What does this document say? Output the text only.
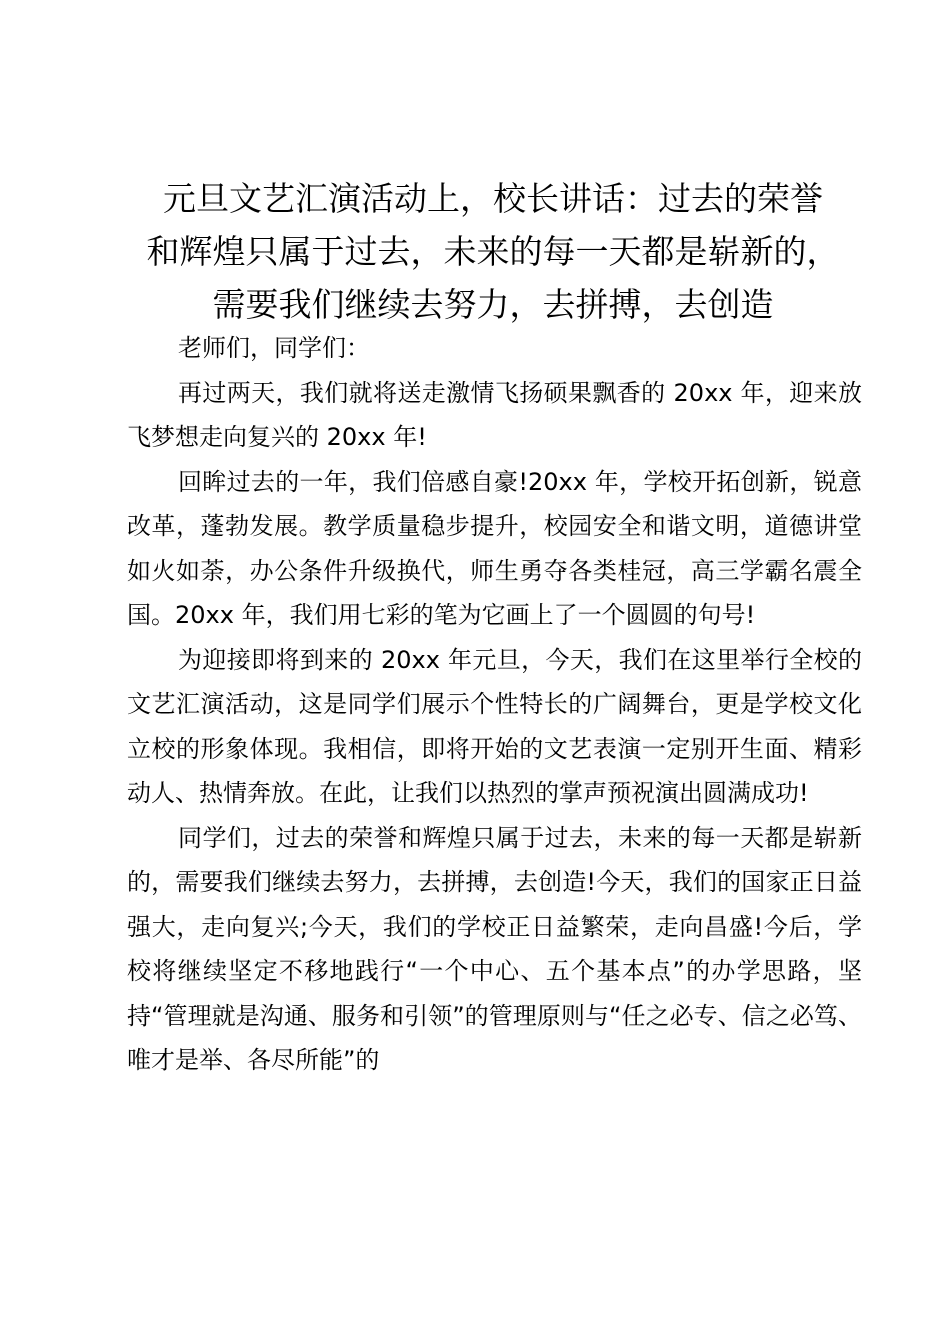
元旦文艺汇演活动上，校长讲话：过去的荣誉
和辉煌只属于过去，未来的每一天都是崭新的，
需要我们继续去努力，去拼搏，去创造

老师们，同学们：

再过两天，我们就将送走激情飞扬硕果飘香的 20xx 年，迎来放飞梦想走向复兴的 20xx 年!

回眸过去的一年，我们倍感自豪!20xx 年，学校开拓创新，锐意改革，蓬勃发展。教学质量稳步提升，校园安全和谐文明，道德讲堂如火如荼，办公条件升级换代，师生勇夺各类桂冠，高三学霸名震全国。20xx 年，我们用七彩的笔为它画上了一个圆圆的句号!

为迎接即将到来的 20xx 年元旦，今天，我们在这里举行全校的文艺汇演活动，这是同学们展示个性特长的广阔舞台，更是学校文化立校的形象体现。我相信，即将开始的文艺表演一定别开生面、精彩动人、热情奔放。在此，让我们以热烈的掌声预祝演出圆满成功!

同学们，过去的荣誉和辉煌只属于过去，未来的每一天都是崭新的，需要我们继续去努力，去拼搏，去创造!今天，我们的国家正日益强大，走向复兴;今天，我们的学校正日益繁荣，走向昌盛!今后，学校将继续坚定不移地践行“一个中心、五个基本点”的办学思路，坚持“管理就是沟通、服务和引领”的管理原则与“任之必专、信之必笃、唯才是举、各尽所能”的
